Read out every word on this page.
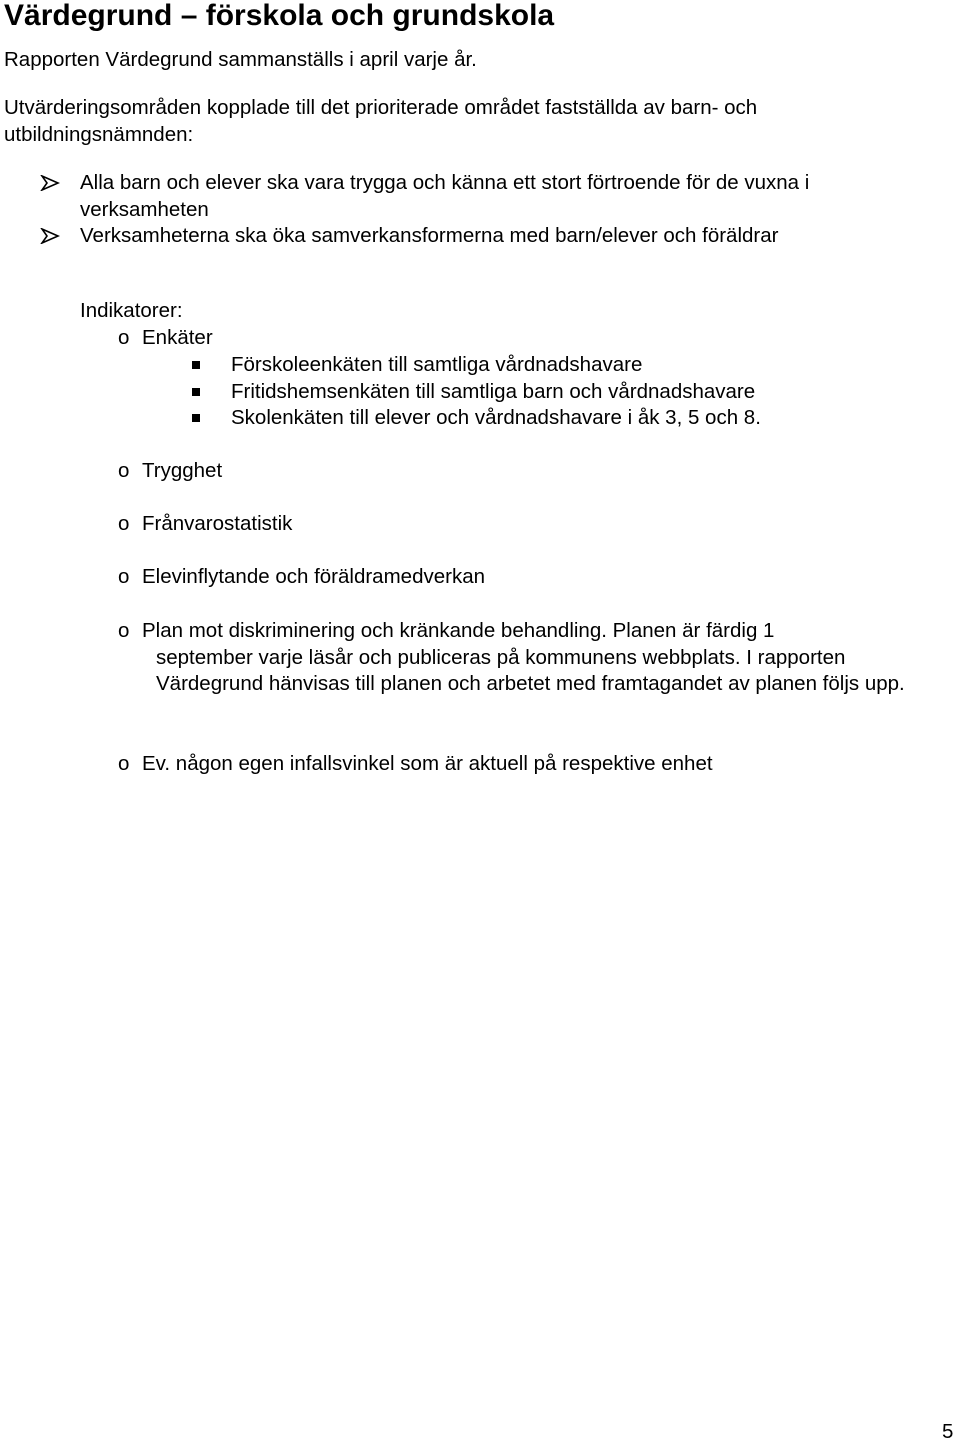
Värdegrund – förskola och grundskola

Rapporten Värdegrund sammanställs i april varje år.

Utvärderingsområden kopplade till det prioriterade området fastställda av barn- och utbildningsnämnden:

Alla barn och elever ska vara trygga och känna ett stort förtroende för de vuxna i verksamheten
Verksamheterna ska öka samverkansformerna med barn/elever och föräldrar
Indikatorer:
o Enkäter
Förskoleenkäten till samtliga vårdnadshavare
Fritidshemsenkäten till samtliga barn och vårdnadshavare
Skolenkäten till elever och vårdnadshavare i åk 3, 5 och 8.
o Trygghet
o Frånvarostatistik
o Elevinflytande och föräldramedverkan
o Plan mot diskriminering och kränkande behandling. Planen är färdig 1
september varje läsår och publiceras på kommunens webbplats. I rapporten Värdegrund hänvisas till planen och arbetet med framtagandet av planen följs upp.
o Ev. någon egen infallsvinkel som är aktuell på respektive enhet
5
